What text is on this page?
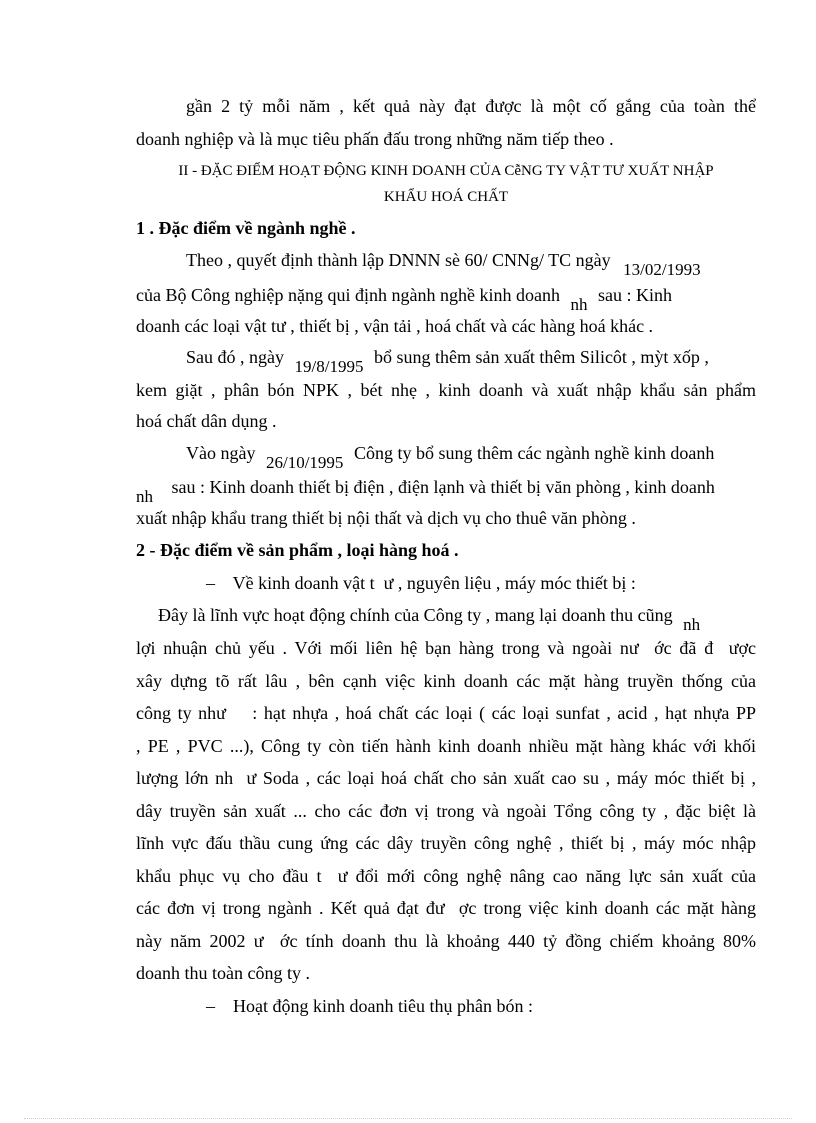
gần 2 tỷ mỗi năm , kết quả này đạt được là một cố gắng của toàn thể
doanh nghiệp và là mục tiêu phấn đấu trong những năm tiếp theo .
II - ĐẶC ĐIỂM HOẠT ĐỘNG KINH DOANH CỦA CễNG TY VẬT TƯ XUẤT NHẬP
KHẨU HOÁ CHẤT
1 . Đặc điểm về ngành nghề .
Theo , quyết định thành lập DNNN sè 60/ CNNg/ TC ngày 13/02/1993
của Bộ Công nghiệp nặng qui định ngành nghề kinh doanh nh sau : Kinh
doanh các loại vật tư , thiết bị , vận tải , hoá chất và các hàng hoá khác .
Sau đó , ngày 19/8/1995 bổ sung thêm sản xuất thêm Silicôt , mỳt xốp ,
kem giặt , phân bón NPK , bét nhẹ , kinh doanh và xuất nhập khẩu sản phẩm
hoá chất dân dụng .
Vào ngày 26/10/1995 Công ty bổ sung thêm các ngành nghề kinh doanh
nh sau : Kinh doanh thiết bị điện , điện lạnh và thiết bị văn phòng , kinh doanh
xuất nhập khẩu trang thiết bị nội thất và dịch vụ cho thuê văn phòng .
2 - Đặc điểm về sản phẩm , loại hàng hoá .
–    Về kinh doanh vật t  ư , nguyên liệu , máy móc thiết bị :
Đây là lĩnh vực hoạt động chính của Công ty , mang lại doanh thu cũng nh
lợi nhuận chủ yếu . Với mối liên hệ bạn hàng trong và ngoài nư  ớc đã đ  ược
xây dựng tõ rất lâu , bên cạnh việc kinh doanh các mặt hàng truyền thống của
công ty như    : hạt nhựa , hoá chất các loại ( các loại sunfat , acid , hạt nhựa PP
, PE , PVC ...), Công ty còn tiến hành kinh doanh nhiều mặt hàng khác với khối
lượng lớn nh  ư Soda , các loại hoá chất cho sản xuất cao su , máy móc thiết bị ,
dây truyền sản xuất ... cho các đơn vị trong và ngoài Tổng công ty , đặc biệt là
lĩnh vực đấu thầu cung ứng các dây truyền công nghệ , thiết bị , máy móc nhập
khẩu phục vụ cho đầu t  ư đổi mới công nghệ nâng cao năng lực sản xuất của
các đơn vị trong ngành . Kết quả đạt đư  ợc trong việc kinh doanh các mặt hàng
này năm 2002 ư  ớc tính doanh thu là khoảng 440 tỷ đồng chiếm khoảng 80%
doanh thu toàn công ty .
–    Hoạt động kinh doanh tiêu thụ phân bón :
